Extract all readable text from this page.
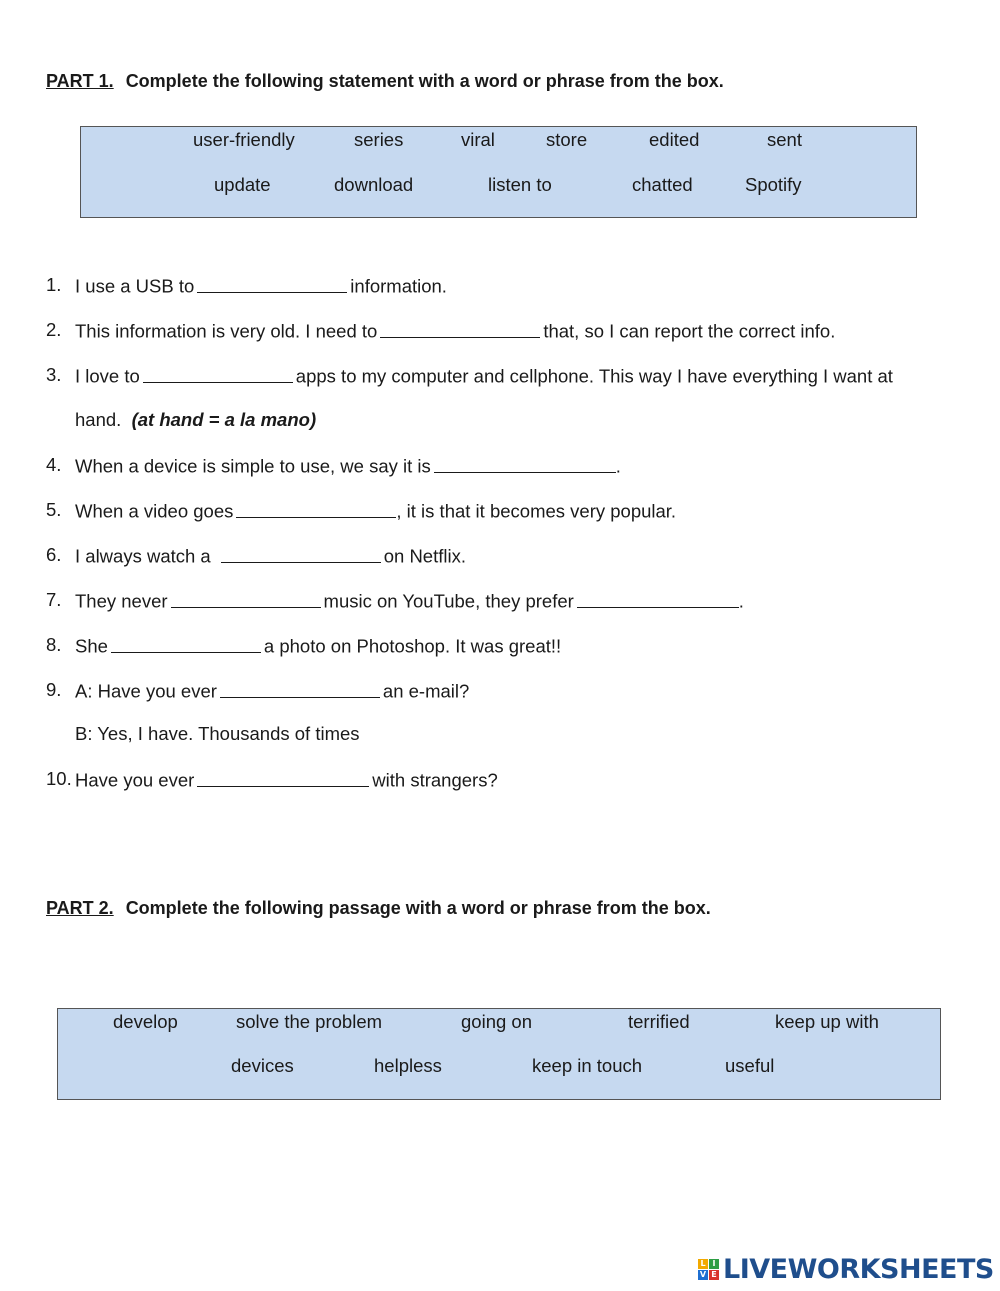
PART 1. Complete the following statement with a word or phrase from the box.
user-friendly	series	viral	store	edited	sent
update	download	listen to	chatted	Spotify
1. I use a USB to	information.
2. This information is very old. I need to	that, so I can report the correct info.
3. I love to	apps to my computer and cellphone. This way I have everything I want at
hand. (at hand = a la mano)
4. When a device is simple to use, we say it is	.
5. When a video goes	, it is that it becomes very popular.
6. I always watch a	on Netflix.
7. They never	music on YouTube, they prefer	.
8. She	a photo on Photoshop. It was great!!
9. A: Have you ever	an e-mail?
B: Yes, I have. Thousands of times
10. Have you ever	with strangers?
PART 2. Complete the following passage with a word or phrase from the box.
develop	solve the problem	going on	terrified	keep up with
devices	helpless	keep in touch	useful
L I
V E LIVEWORKSHEETS
